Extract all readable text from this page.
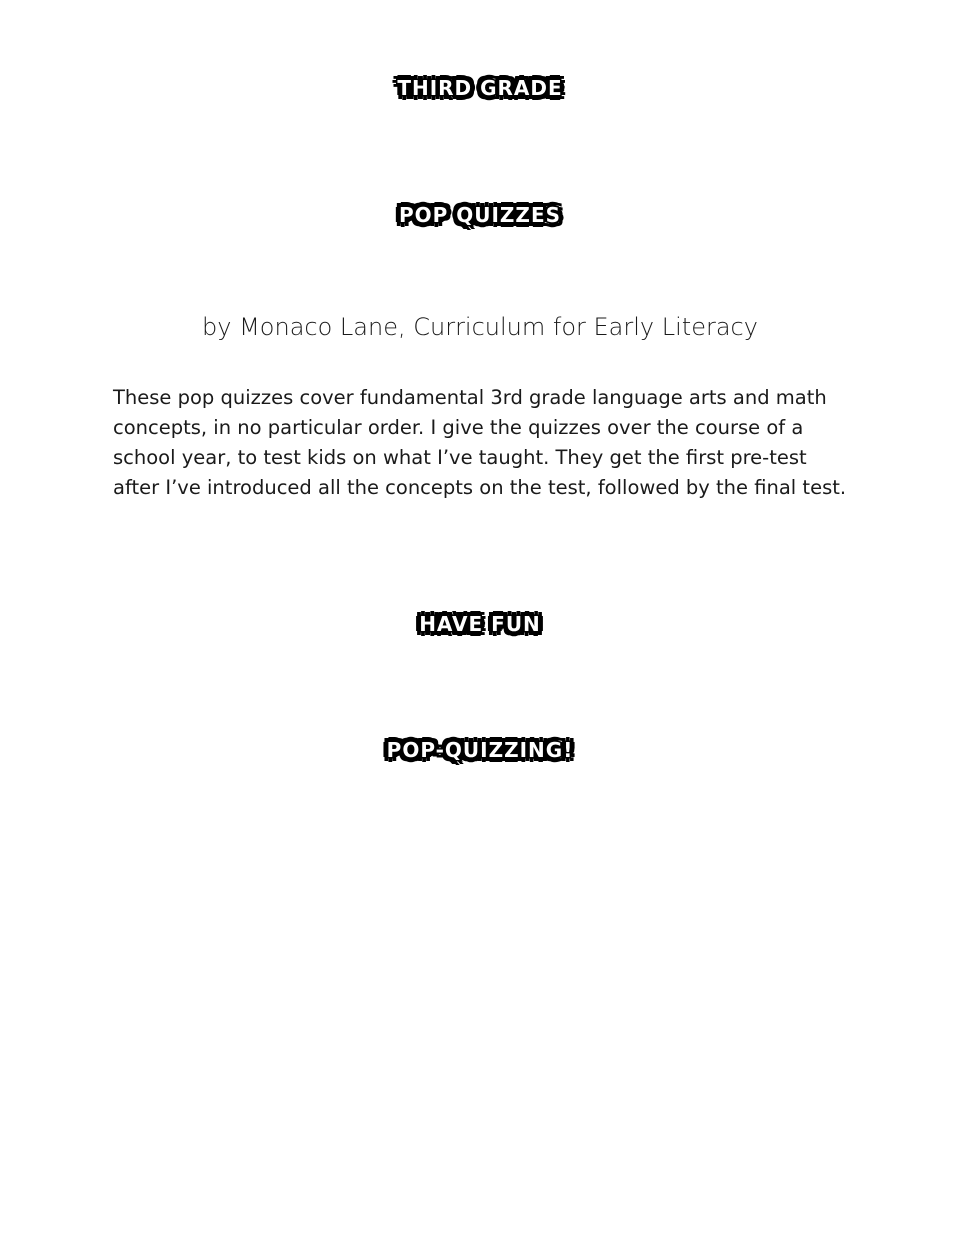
THIRD GRADE
POP QUIZZES
by Monaco Lane, Curriculum for Early Literacy

These pop quizzes cover fundamental 3rd grade language arts and math concepts, in no particular order. I give the quizzes over the course of a school year, to test kids on what I’ve taught. They get the first pre-test after I’ve introduced all the concepts on the test, followed by the final test.

HAVE FUN
POP-QUIZZING!
